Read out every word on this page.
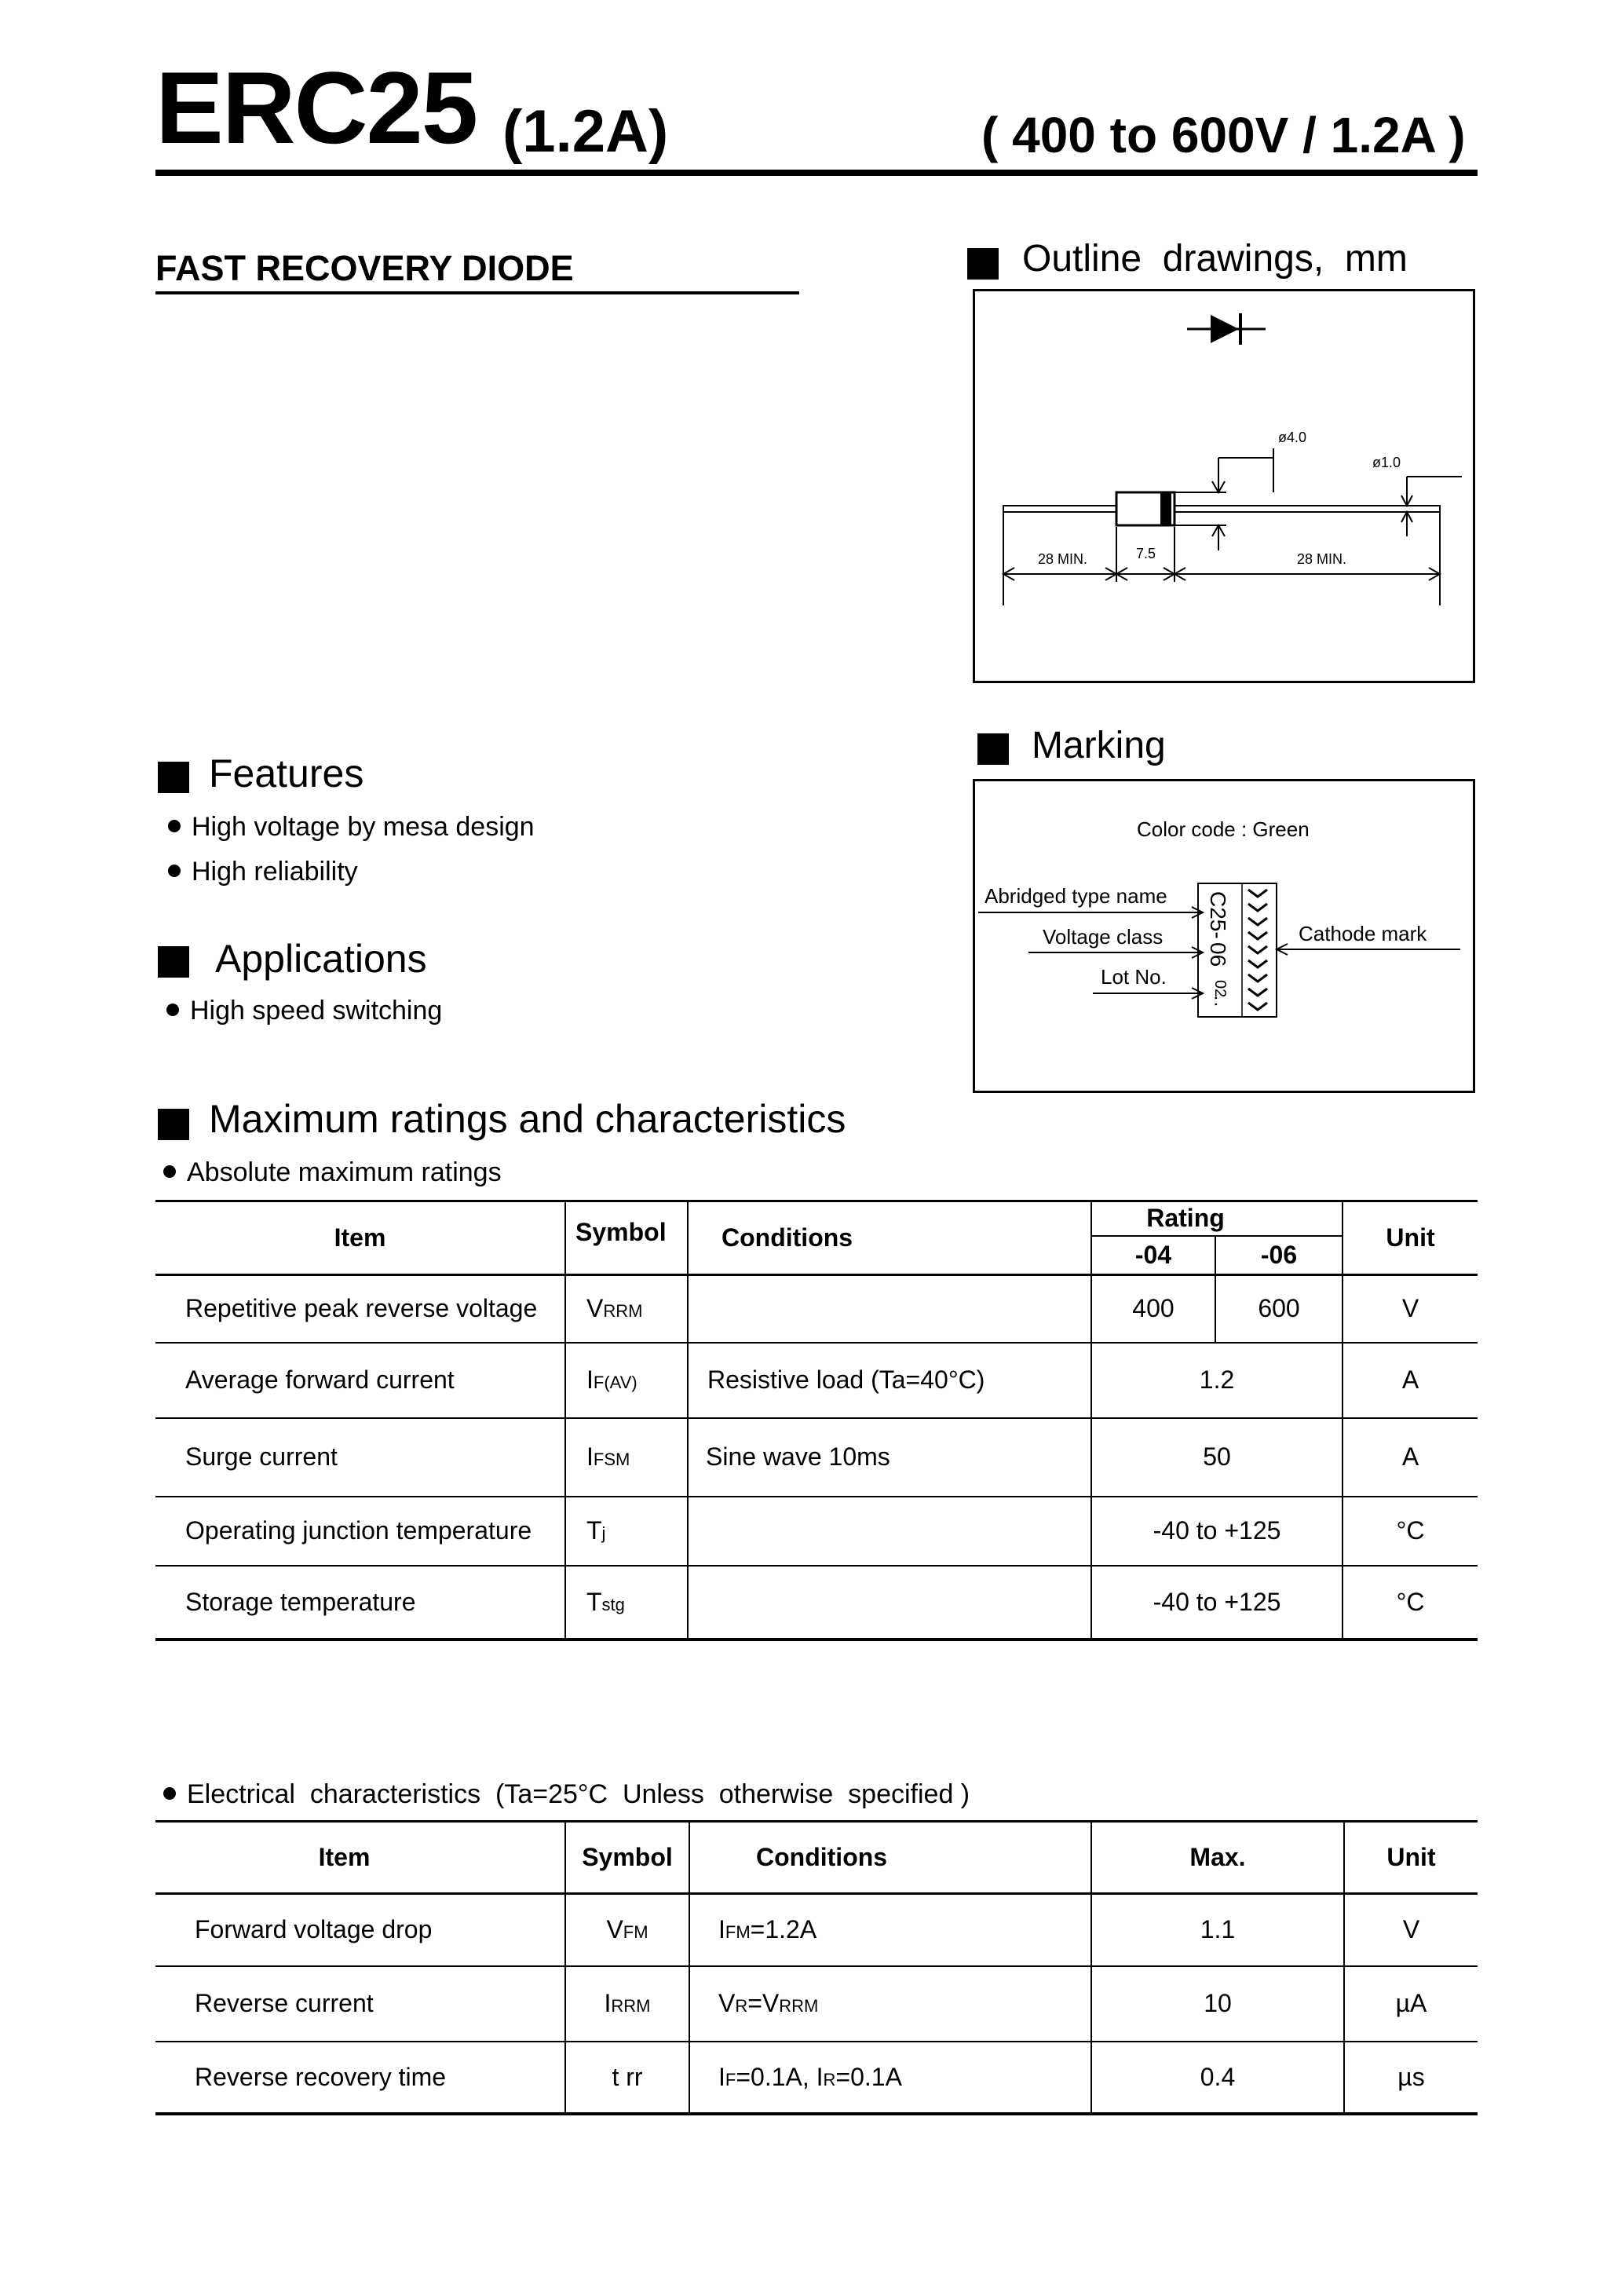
ERC25 (1.2A)	( 400 to 600V / 1.2A )
FAST RECOVERY DIODE	Outline  drawings,  mm
28 MIN.	7.5	28 MIN.
ø4.0
ø1.0
Marking
Color code : Green
C25-
06
02
··
Abridged type name
Voltage class
Lot No.
Cathode mark
Features
High voltage by mesa design
High reliability
Applications
High speed switching
Maximum ratings and characteristics
Absolute maximum ratings
Item	Symbol	Conditions	Rating		Unit
			-04	-06	
Repetitive peak reverse voltage	VRRM		400	600	V
Average forward current	IF(AV)	Resistive load (Ta=40°C)	1.2		A
Surge current	IFSM	Sine wave 10ms	50		A
Operating junction temperature	Tj		-40 to +125		°C
Storage temperature	Tstg		-40 to +125		°C
Electrical  characteristics  (Ta=25°C  Unless  otherwise  specified )
Item	Symbol	Conditions	Max.	Unit
Forward voltage drop	VFM	IFM=1.2A	1.1	V
Reverse current	IRRM	VR=VRRM	10	µA
Reverse recovery time	t rr	IF=0.1A, IR=0.1A	0.4	µs
